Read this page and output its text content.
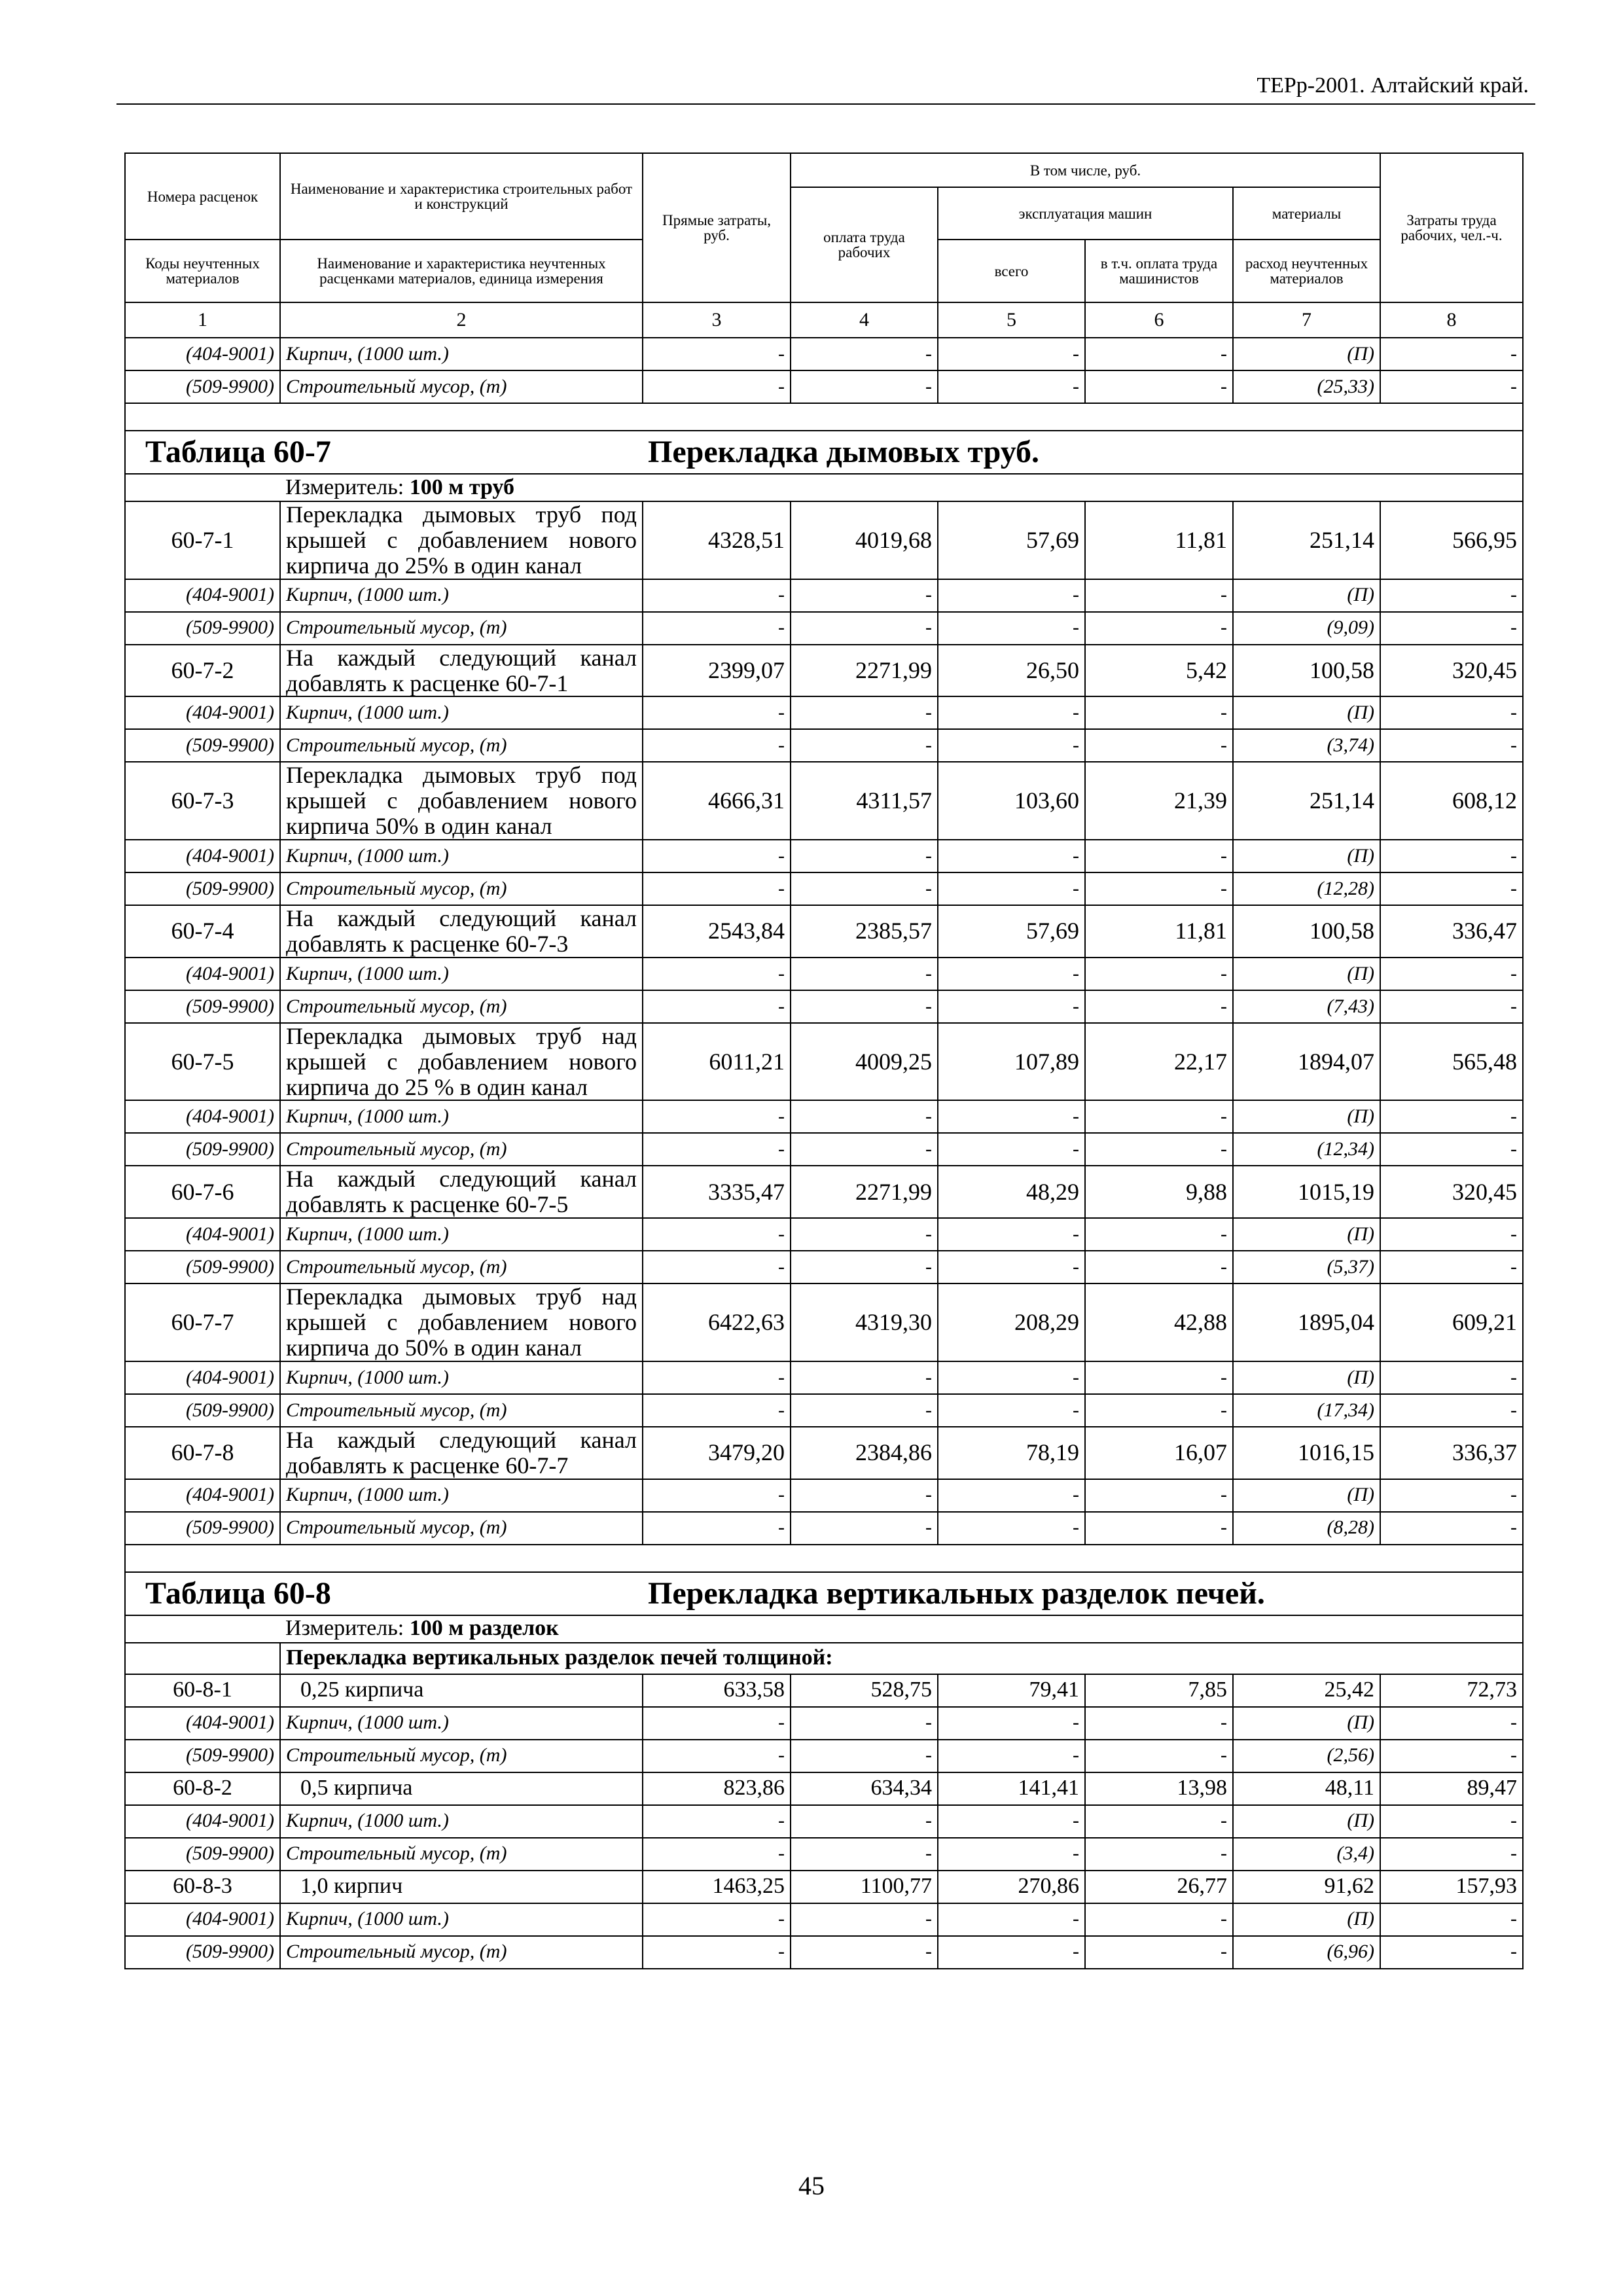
ТЕРр-2001. Алтайский край.
Номера расценок	Наименование и характеристика строительных работ и конструкций	Прямые затраты, руб.	В том числе, руб.				Затраты труда рабочих, чел.-ч.
			оплата труда рабочих	эксплуатация машин		материалы	
Коды неучтенных материалов	Наименование и характеристика неучтенных расценками материалов, единица измерения			всего	в т.ч. оплата труда машинистов	расход неучтенных материалов	
1	2	3	4	5	6	7	8
(404-9001)	Кирпич, (1000 шт.)	-	-	-	-	(П)	-
(509-9900)	Строительный мусор, (т)	-	-	-	-	(25,33)	-

Таблица 60-7		Перекладка дымовых труб.					
	Измеритель: 100 м труб						
60-7-1	Перекладка дымовых труб под крышей с добавлением нового кирпича до 25% в один канал	4328,51	4019,68	57,69	11,81	251,14	566,95
(404-9001)	Кирпич, (1000 шт.)	-	-	-	-	(П)	-
(509-9900)	Строительный мусор, (т)	-	-	-	-	(9,09)	-
60-7-2	На каждый следующий канал добавлять к расценке 60-7-1	2399,07	2271,99	26,50	5,42	100,58	320,45
(404-9001)	Кирпич, (1000 шт.)	-	-	-	-	(П)	-
(509-9900)	Строительный мусор, (т)	-	-	-	-	(3,74)	-
60-7-3	Перекладка дымовых труб под крышей с добавлением нового кирпича 50% в один канал	4666,31	4311,57	103,60	21,39	251,14	608,12
(404-9001)	Кирпич, (1000 шт.)	-	-	-	-	(П)	-
(509-9900)	Строительный мусор, (т)	-	-	-	-	(12,28)	-
60-7-4	На каждый следующий канал добавлять к расценке 60-7-3	2543,84	2385,57	57,69	11,81	100,58	336,47
(404-9001)	Кирпич, (1000 шт.)	-	-	-	-	(П)	-
(509-9900)	Строительный мусор, (т)	-	-	-	-	(7,43)	-
60-7-5	Перекладка дымовых труб над крышей с добавлением нового кирпича до 25 % в один канал	6011,21	4009,25	107,89	22,17	1894,07	565,48
(404-9001)	Кирпич, (1000 шт.)	-	-	-	-	(П)	-
(509-9900)	Строительный мусор, (т)	-	-	-	-	(12,34)	-
60-7-6	На каждый следующий канал добавлять к расценке 60-7-5	3335,47	2271,99	48,29	9,88	1015,19	320,45
(404-9001)	Кирпич, (1000 шт.)	-	-	-	-	(П)	-
(509-9900)	Строительный мусор, (т)	-	-	-	-	(5,37)	-
60-7-7	Перекладка дымовых труб над крышей с добавлением нового кирпича до 50% в один канал	6422,63	4319,30	208,29	42,88	1895,04	609,21
(404-9001)	Кирпич, (1000 шт.)	-	-	-	-	(П)	-
(509-9900)	Строительный мусор, (т)	-	-	-	-	(17,34)	-
60-7-8	На каждый следующий канал добавлять к расценке 60-7-7	3479,20	2384,86	78,19	16,07	1016,15	336,37
(404-9001)	Кирпич, (1000 шт.)	-	-	-	-	(П)	-
(509-9900)	Строительный мусор, (т)	-	-	-	-	(8,28)	-

Таблица 60-8		Перекладка вертикальных разделок печей.					
	Измеритель: 100 м разделок						
	Перекладка вертикальных разделок печей толщиной:						
60-8-1	0,25 кирпича	633,58	528,75	79,41	7,85	25,42	72,73
(404-9001)	Кирпич, (1000 шт.)	-	-	-	-	(П)	-
(509-9900)	Строительный мусор, (т)	-	-	-	-	(2,56)	-
60-8-2	0,5 кирпича	823,86	634,34	141,41	13,98	48,11	89,47
(404-9001)	Кирпич, (1000 шт.)	-	-	-	-	(П)	-
(509-9900)	Строительный мусор, (т)	-	-	-	-	(3,4)	-
60-8-3	1,0 кирпич	1463,25	1100,77	270,86	26,77	91,62	157,93
(404-9001)	Кирпич, (1000 шт.)	-	-	-	-	(П)	-
(509-9900)	Строительный мусор, (т)	-	-	-	-	(6,96)	-
45
